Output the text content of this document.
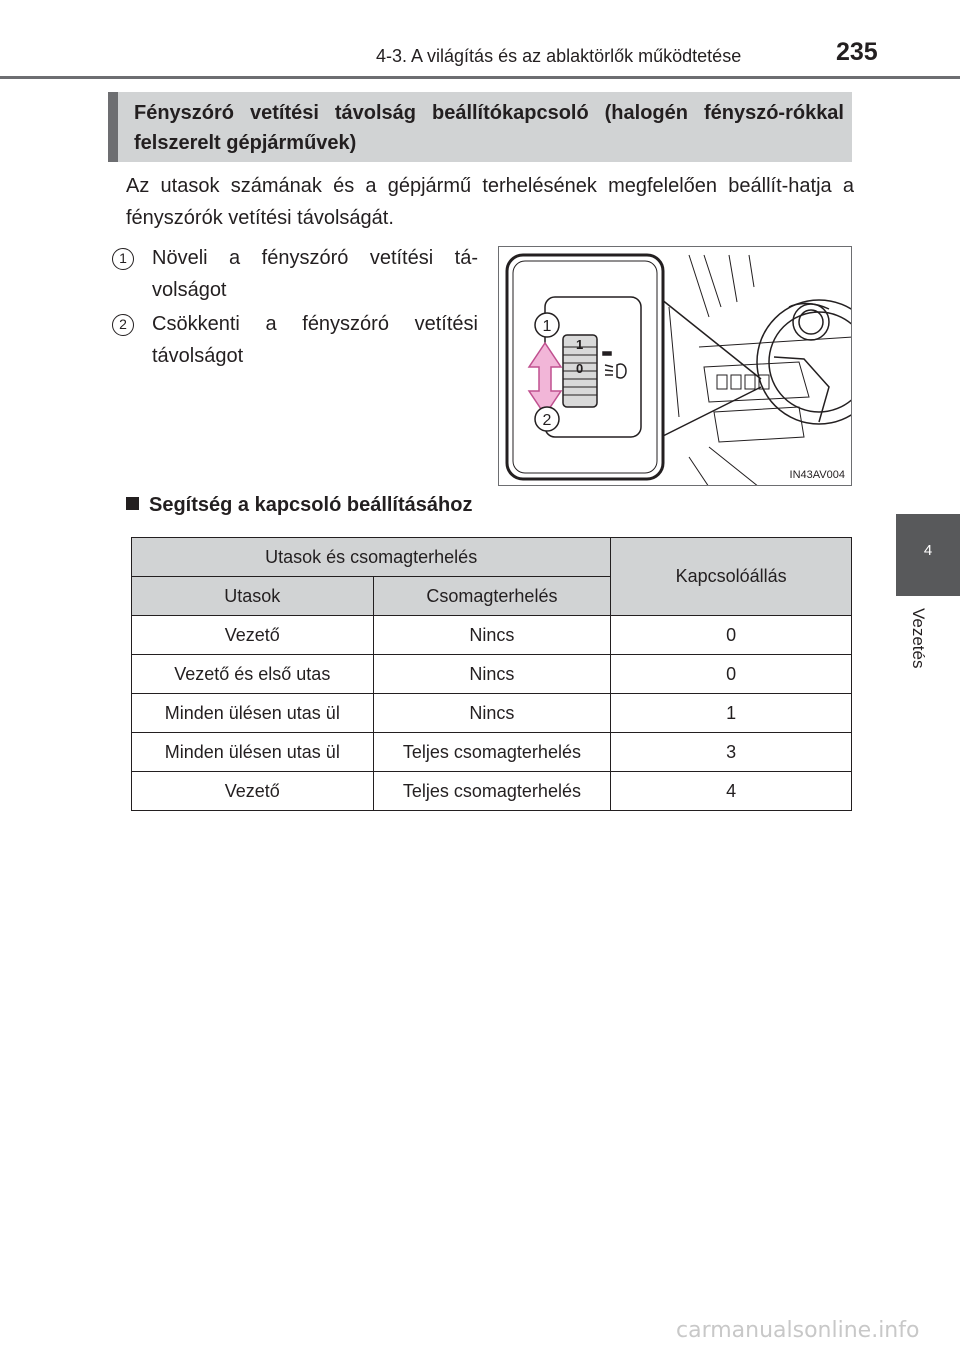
4-3. A világítás és az ablaktörlők működtetése	235
4
Vezetés
Fényszóró vetítési távolság beállítókapcsoló (halogén fényszó-rókkal felszerelt gépjárművek)
Az utasok számának és a gépjármű terhelésének megfelelően beállít-hatja a fényszórók vetítési távolságát.
1	Növeli a fényszóró vetítési tá-volságot
2	Csökkenti a fényszóró vetítési távolságot
1
0
1
2
IN43AV004
Segítség a kapcsoló beállításához
Utasok és csomagterhelés		Kapcsolóállás
Utasok	Csomagterhelés	
Vezető	Nincs	0
Vezető és első utas	Nincs	0
Minden ülésen utas ül	Nincs	1
Minden ülésen utas ül	Teljes csomagterhelés	3
Vezető	Teljes csomagterhelés	4
carmanualsonline.info
